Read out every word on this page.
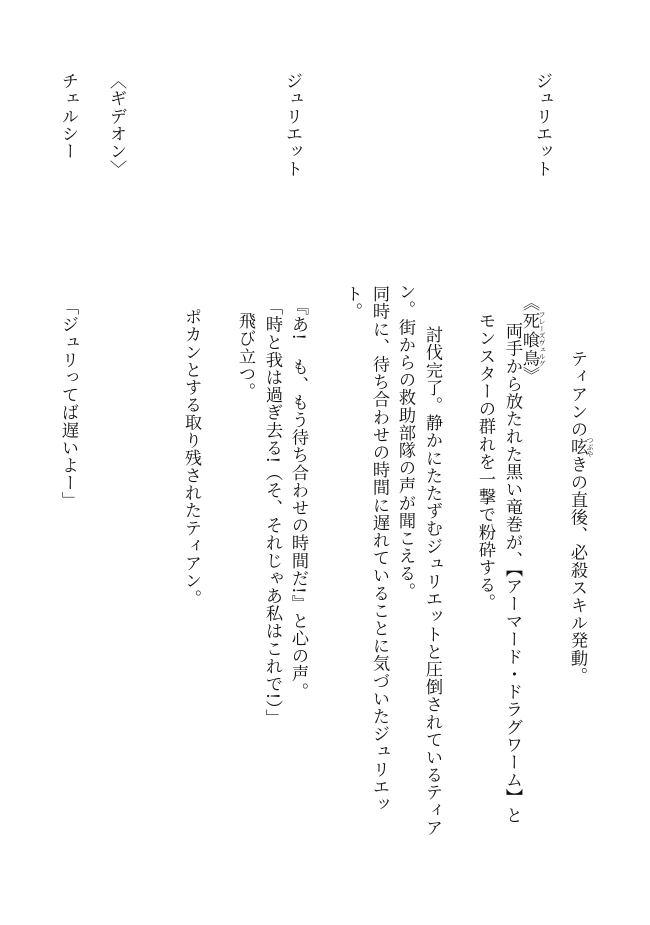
ジュリエット
ジュリエット
〈ギデオン〉
チェルシー
ティアンの呟 つぶやきの直後、必殺スキル発動。
《死喰鳥 フレーズヴェルグ》
両手から放たれた黒い竜巻が、【アーマード・ドラグワーム】と
モンスターの群れを一撃で粉砕する。
討伐完了。静かにたたずむジュリエットと圧倒されているティア
ン。街からの救助部隊の声が聞こえる。
同時に、待ち合わせの時間に遅れていることに気づいたジュリエッ
ト。
『あ!　も、もう待ち合わせの時間だ!』と心の声。
「時と我は過ぎ去る!（そ、それじゃあ私はこれで!）」
飛び立つ。
ポカンとする取り残されたティアン。
「ジュリってば遅いよー」
